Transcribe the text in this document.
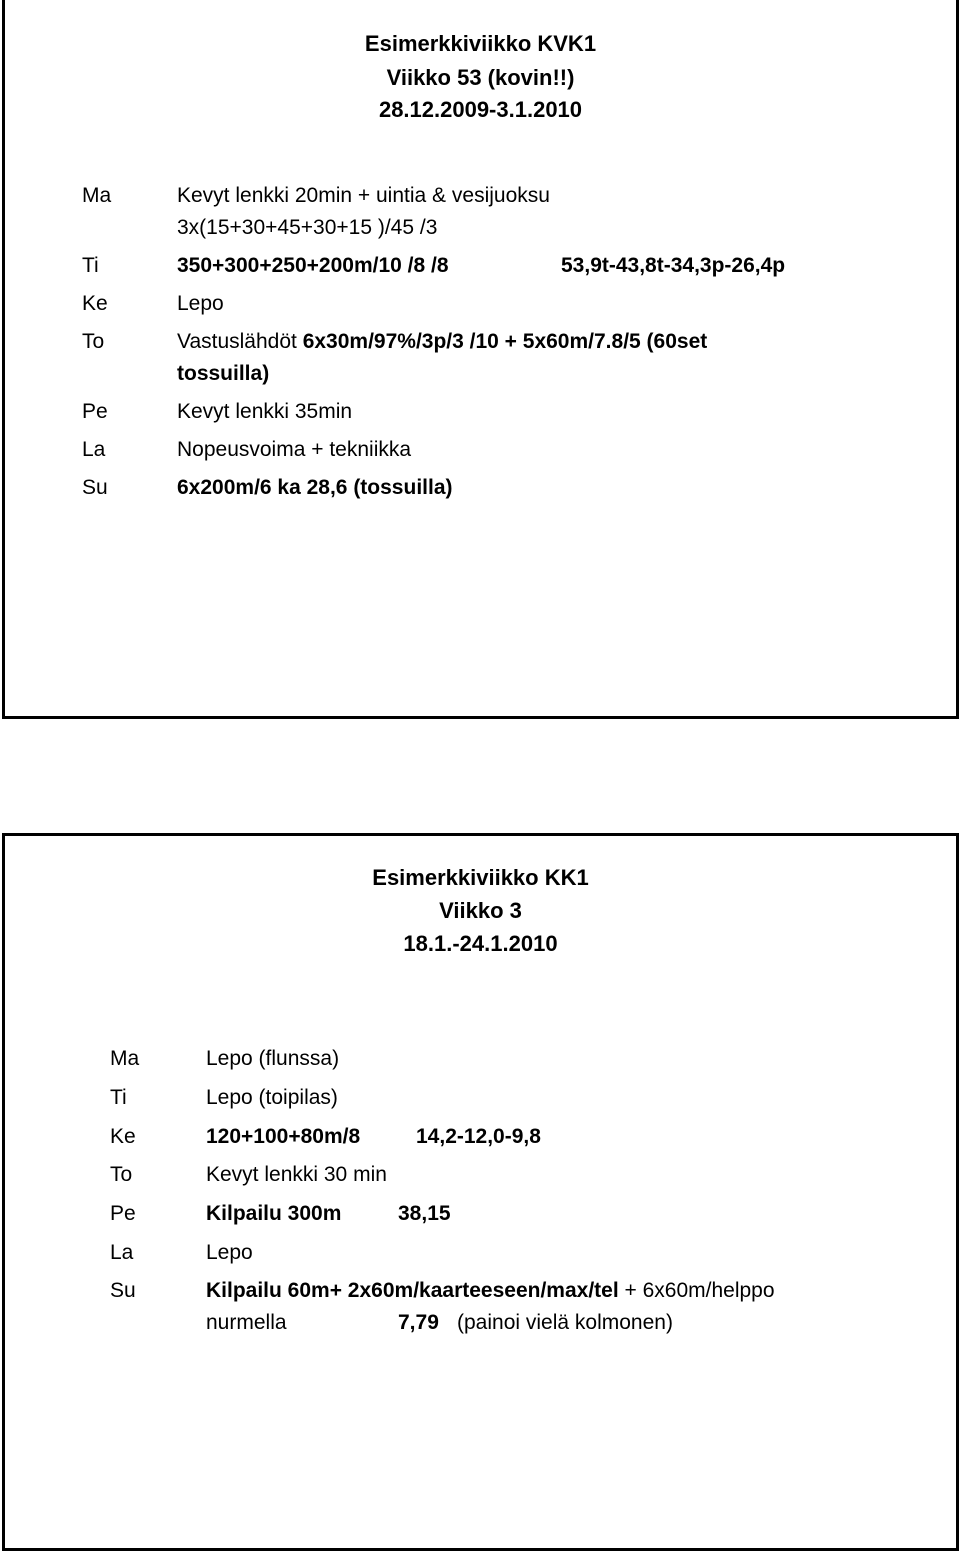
Esimerkkiviikko KVK1
Viikko 53 (kovin!!)
28.12.2009-3.1.2010
Ma	Kevyt lenkki 20min + uintia & vesijuoksu
3x(15+30+45+30+15 )/45 /3
Ti	350+300+250+200m/10 /8 /8	53,9t-43,8t-34,3p-26,4p
Ke	Lepo
To	Vastuslähdöt 6x30m/97%/3p/3 /10 + 5x60m/7.8/5 (60set
tossuilla)
Pe	Kevyt lenkki 35min
La	Nopeusvoima + tekniikka
Su	6x200m/6 ka 28,6 (tossuilla)
Esimerkkiviikko KK1
Viikko 3
18.1.-24.1.2010
Ma	Lepo (flunssa)
Ti	Lepo (toipilas)
Ke	120+100+80m/8	14,2-12,0-9,8
To	Kevyt lenkki 30 min
Pe	Kilpailu 300m	38,15
La	Lepo
Su	Kilpailu 60m+ 2x60m/kaarteeseen/max/tel + 6x60m/helppo
nurmella	7,79 (painoi vielä kolmonen)
